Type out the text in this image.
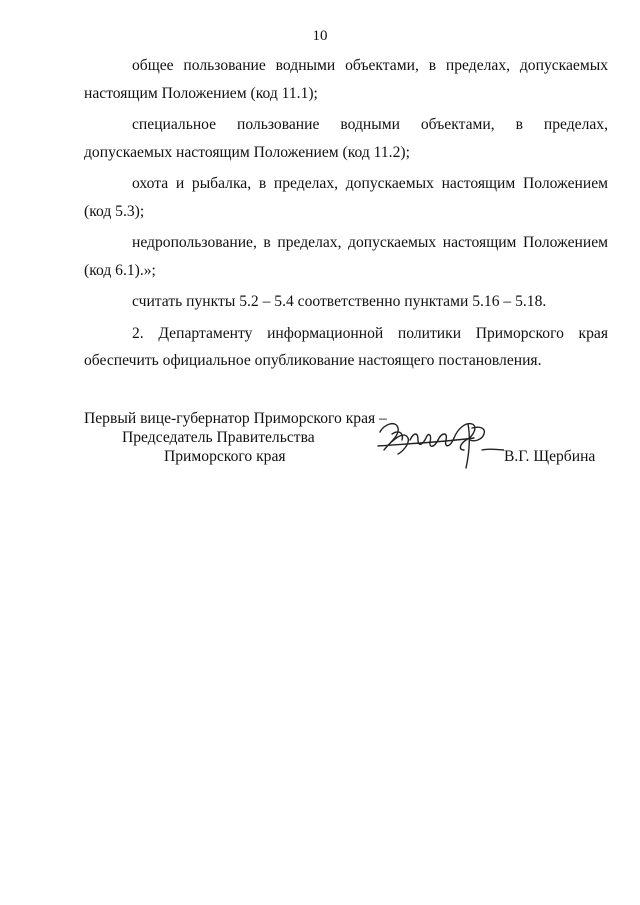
10

общее пользование водными объектами, в пределах, допускаемых настоящим Положением (код 11.1);

специальное пользование водными объектами, в пределах, допускаемых настоящим Положением (код 11.2);

охота и рыбалка, в пределах, допускаемых настоящим Положением (код 5.3);

недропользование, в пределах, допускаемых настоящим Положением (код 6.1).»;

считать пункты 5.2 – 5.4 соответственно пунктами 5.16 – 5.18.

2. Департаменту информационной политики Приморского края обеспечить официальное опубликование настоящего постановления.

Первый вице-губернатор Приморского края –
Председатель Правительства
Приморского края	В.Г. Щербина
